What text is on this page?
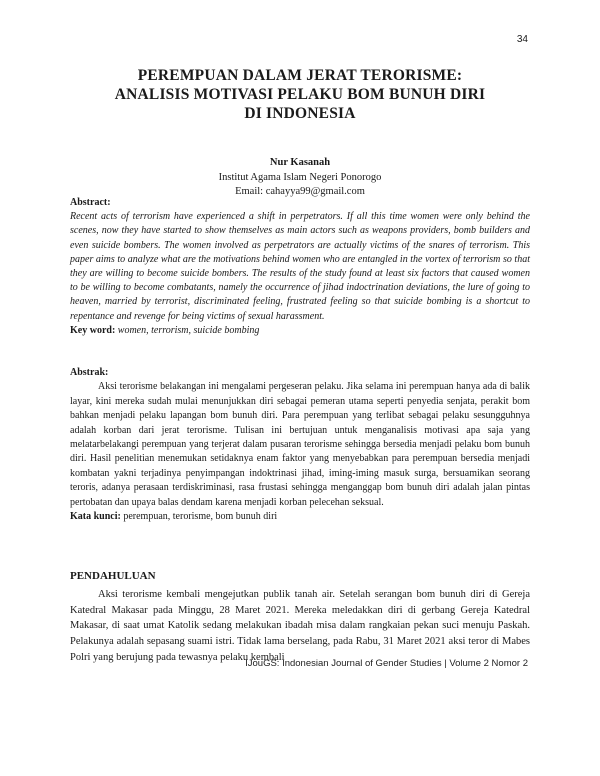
34
PEREMPUAN DALAM JERAT TERORISME:
ANALISIS MOTIVASI PELAKU BOM BUNUH DIRI
DI INDONESIA
Nur Kasanah
Institut Agama Islam Negeri Ponorogo
Email: cahayya99@gmail.com
Abstract:
Recent acts of terrorism have experienced a shift in perpetrators. If all this time women were only behind the scenes, now they have started to show themselves as main actors such as weapons providers, bomb builders and even suicide bombers. The women involved as perpetrators are actually victims of the snares of terrorism. This paper aims to analyze what are the motivations behind women who are entangled in the vortex of terrorism so that they are willing to become suicide bombers. The results of the study found at least six factors that caused women to be willing to become combatants, namely the occurrence of jihad indoctrination deviations, the lure of going to heaven, married by terrorist, discriminated feeling, frustrated feeling so that suicide bombing is a shortcut to repentance and revenge for being victims of sexual harassment.
Key word: women, terrorism, suicide bombing
Abstrak:
Aksi terorisme belakangan ini mengalami pergeseran pelaku. Jika selama ini perempuan hanya ada di balik layar, kini mereka sudah mulai menunjukkan diri sebagai pemeran utama seperti penyedia senjata, perakit bom bahkan menjadi pelaku lapangan bom bunuh diri. Para perempuan yang terlibat sebagai pelaku sesungguhnya adalah korban dari jerat terorisme. Tulisan ini bertujuan untuk menganalisis motivasi apa saja yang melatarbelakangi perempuan yang terjerat dalam pusaran terorisme sehingga bersedia menjadi pelaku bom bunuh diri. Hasil penelitian menemukan setidaknya enam faktor yang menyebabkan para perempuan bersedia menjadi kombatan yakni terjadinya penyimpangan indoktrinasi jihad, iming-iming masuk surga, bersuamikan seorang teroris, adanya perasaan terdiskriminasi, rasa frustasi sehingga menganggap bom bunuh diri adalah jalan pintas pertobatan dan upaya balas dendam karena menjadi korban pelecehan seksual.
Kata kunci: perempuan, terorisme, bom bunuh diri
PENDAHULUAN
Aksi terorisme kembali mengejutkan publik tanah air. Setelah serangan bom bunuh diri di Gereja Katedral Makasar pada Minggu, 28 Maret 2021. Mereka meledakkan diri di gerbang Gereja Katedral Makasar, di saat umat Katolik sedang melakukan ibadah misa dalam rangkaian pekan suci menuju Paskah. Pelakunya adalah sepasang suami istri. Tidak lama berselang, pada Rabu, 31 Maret 2021 aksi teror di Mabes Polri yang berujung pada tewasnya pelaku kembali
IJouGS: Indonesian Journal of Gender Studies | Volume 2 Nomor 2
